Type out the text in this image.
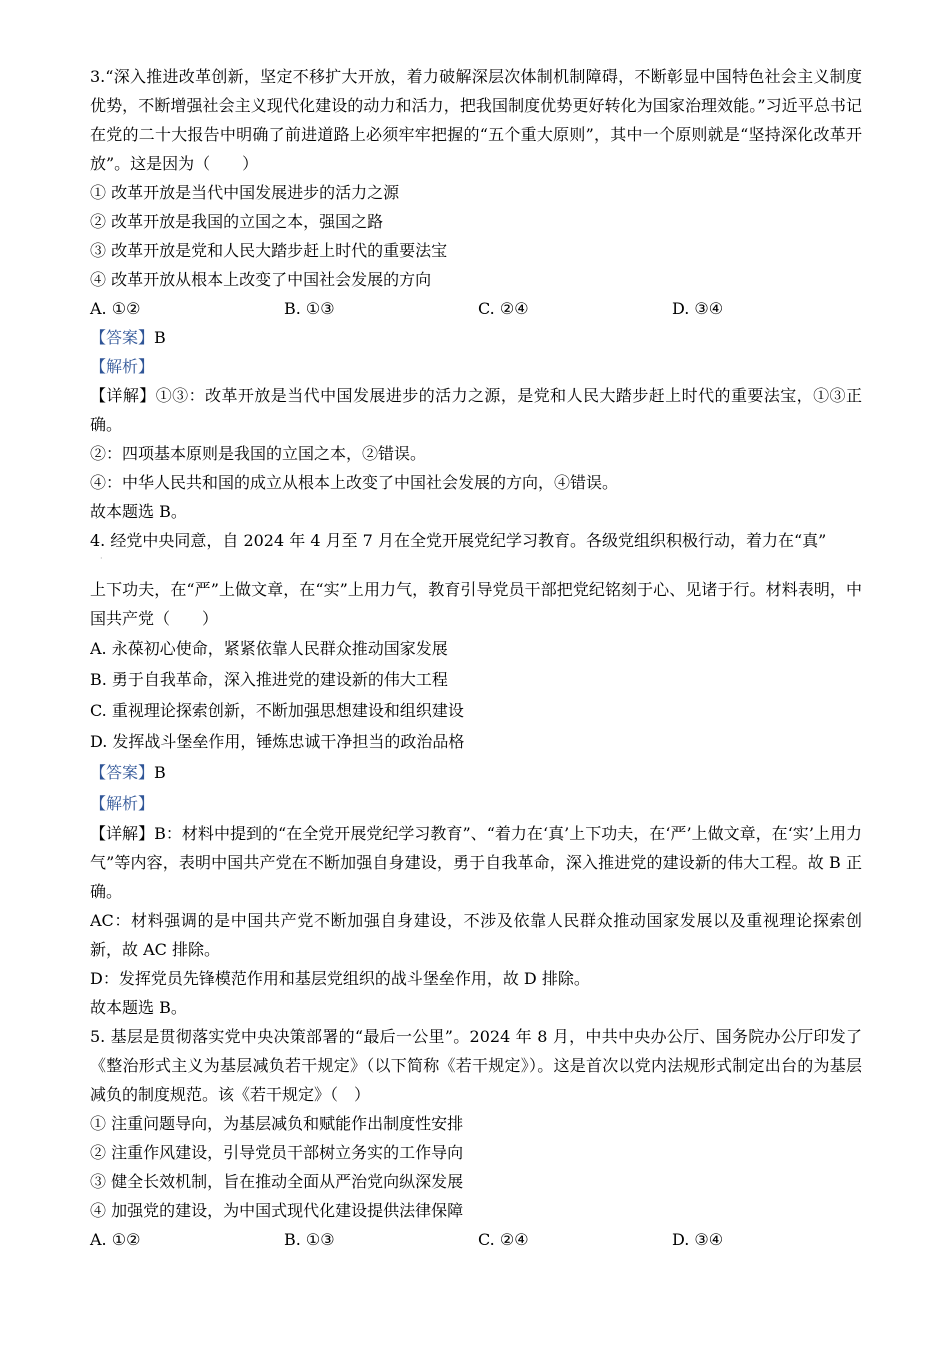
3.“深入推进改革创新，坚定不移扩大开放，着力破解深层次体制机制障碍，不断彰显中国特色社会主义制度优势，不断增强社会主义现代化建设的动力和活力，把我国制度优势更好转化为国家治理效能。”习近平总书记在党的二十大报告中明确了前进道路上必须牢牢把握的“五个重大原则”，其中一个原则就是“坚持深化改革开放”。这是因为（　　）
① 改革开放是当代中国发展进步的活力之源
② 改革开放是我国的立国之本，强国之路
③ 改革开放是党和人民大踏步赶上时代的重要法宝
④ 改革开放从根本上改变了中国社会发展的方向
A. ①②	B. ①③	C. ②④	D. ③④
【答案】B
【解析】
【详解】①③：改革开放是当代中国发展进步的活力之源，是党和人民大踏步赶上时代的重要法宝，①③正确。
②：四项基本原则是我国的立国之本，②错误。
④：中华人民共和国的成立从根本上改变了中国社会发展的方向，④错误。
故本题选 B。
4. 经党中央同意，自 2024 年 4 月至 7 月在全党开展党纪学习教育。各级党组织积极行动，着力在“真”
·
上下功夫，在“严”上做文章，在“实”上用力气，教育引导党员干部把党纪铭刻于心、见诸于行。材料表明，中国共产党（　　）
A. 永葆初心使命，紧紧依靠人民群众推动国家发展
B. 勇于自我革命，深入推进党的建设新的伟大工程
C. 重视理论探索创新，不断加强思想建设和组织建设
D. 发挥战斗堡垒作用，锤炼忠诚干净担当的政治品格
【答案】B
【解析】
【详解】B：材料中提到的“在全党开展党纪学习教育”、“着力在‘真’上下功夫，在‘严’上做文章，在‘实’上用力气”等内容，表明中国共产党在不断加强自身建设，勇于自我革命，深入推进党的建设新的伟大工程。故 B 正确。
AC：材料强调的是中国共产党不断加强自身建设，不涉及依靠人民群众推动国家发展以及重视理论探索创新，故 AC 排除。
D：发挥党员先锋模范作用和基层党组织的战斗堡垒作用，故 D 排除。
故本题选 B。
5. 基层是贯彻落实党中央决策部署的“最后一公里”。2024 年 8 月，中共中央办公厅、国务院办公厅印发了《整治形式主义为基层减负若干规定》（以下简称《若干规定》）。这是首次以党内法规形式制定出台的为基层减负的制度规范。该《若干规定》（　）
① 注重问题导向，为基层减负和赋能作出制度性安排
② 注重作风建设，引导党员干部树立务实的工作导向
③ 健全长效机制，旨在推动全面从严治党向纵深发展
④ 加强党的建设，为中国式现代化建设提供法律保障
A. ①②	B. ①③	C. ②④	D. ③④
